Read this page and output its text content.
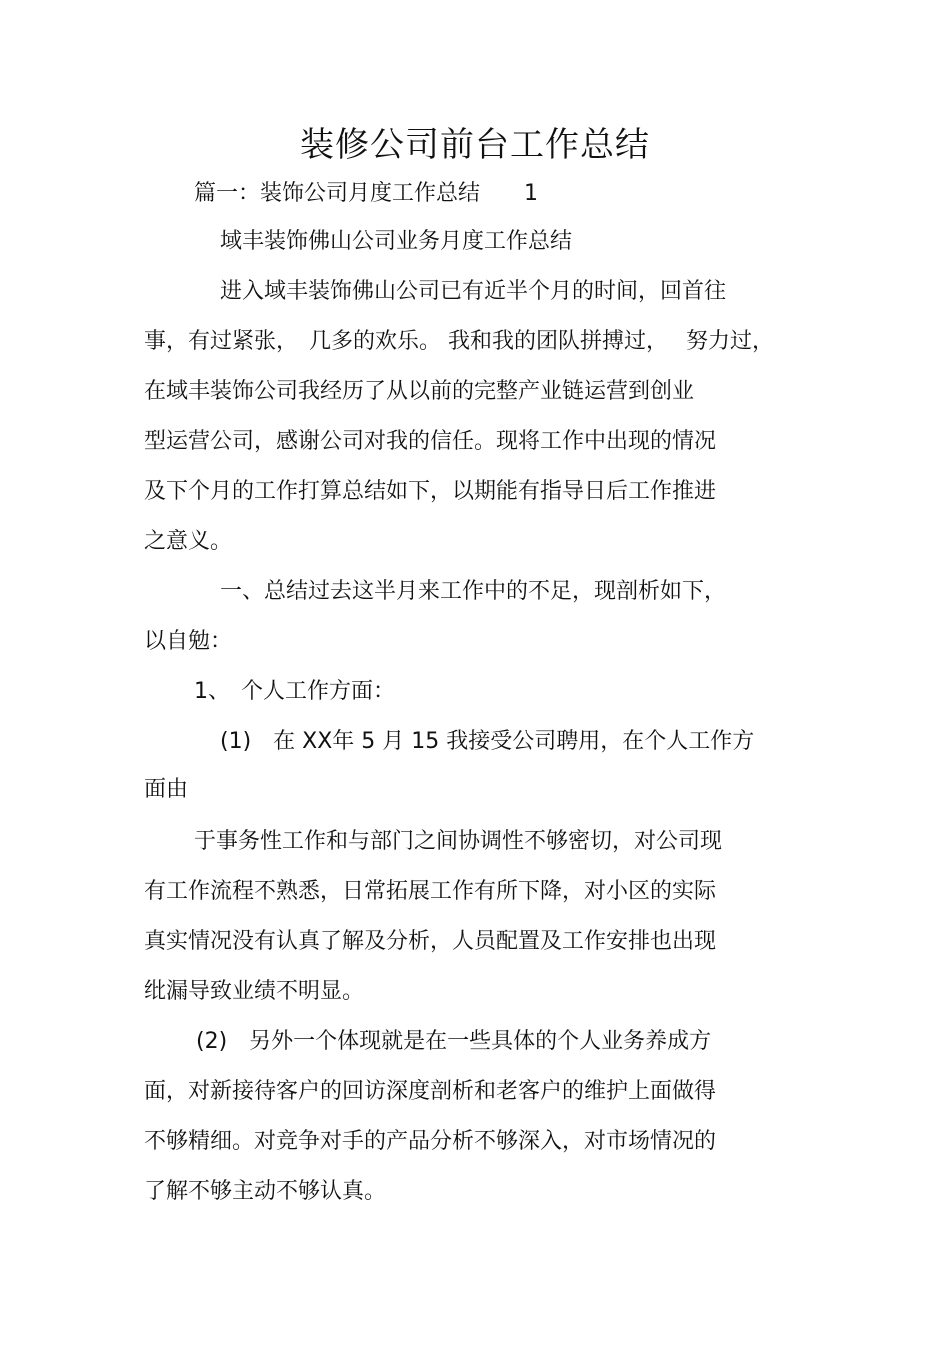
装修公司前台工作总结
篇一：装饰公司月度工作总结　　1
域丰装饰佛山公司业务月度工作总结
进入域丰装饰佛山公司已有近半个月的时间，回首往
事，有过紧张，　几多的欢乐。 我和我的团队拼搏过，　 努力过，
在域丰装饰公司我经历了从以前的完整产业链运营到创业
型运营公司，感谢公司对我的信任。现将工作中出现的情况
及下个月的工作打算总结如下，以期能有指导日后工作推进
之意义。
一、总结过去这半月来工作中的不足，现剖析如下，
以自勉：
1、　个人工作方面：
(1)　在 XX年 5 月 15 我接受公司聘用，在个人工作方
面由
于事务性工作和与部门之间协调性不够密切，对公司现
有工作流程不熟悉，日常拓展工作有所下降，对小区的实际
真实情况没有认真了解及分析，人员配置及工作安排也出现
纰漏导致业绩不明显。
(2)　另外一个体现就是在一些具体的个人业务养成方
面，对新接待客户的回访深度剖析和老客户的维护上面做得
不够精细。对竞争对手的产品分析不够深入，对市场情况的
了解不够主动不够认真。
